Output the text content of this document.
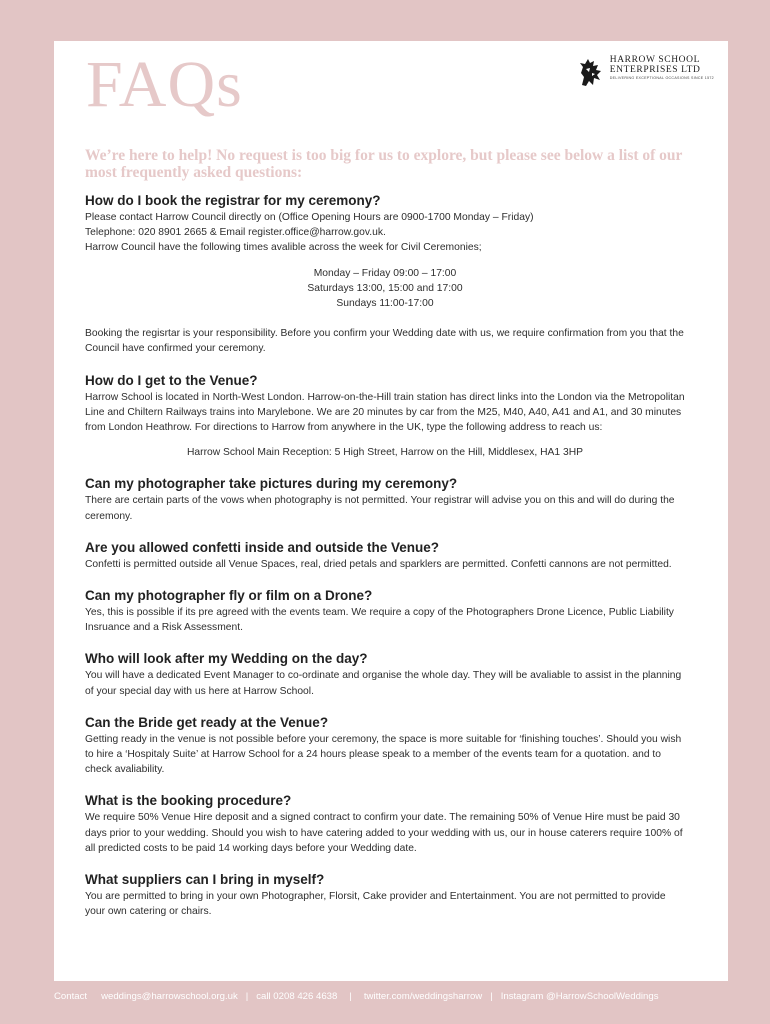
FAQs	HARROW SCHOOL
ENTERPRISES LTD
DELIVERING EXCEPTIONAL OCCASIONS SINCE 1572
We’re here to help! No request is too big for us to explore, but please see below a list of our most frequently asked questions:
How do I book the registrar for my ceremony?
Please contact Harrow Council directly on (Office Opening Hours are 0900-1700 Monday – Friday)
Telephone: 020 8901 2665 & Email register.office@harrow.gov.uk.
Harrow Council have the following times avalible across the week for Civil Ceremonies;
Monday – Friday 09:00 – 17:00
Saturdays 13:00, 15:00 and 17:00
Sundays 11:00-17:00
Booking the regisrtar is your responsibility. Before you confirm your Wedding date with us, we require confirmation from you that the Council have confirmed your ceremony.
How do I get to the Venue?
Harrow School is located in North-West London. Harrow-on-the-Hill train station has direct links into the London via the Metropolitan Line and Chiltern Railways trains into Marylebone. We are 20 minutes by car from the M25, M40, A40, A41 and A1, and 30 minutes from London Heathrow. For directions to Harrow from anywhere in the UK, type the following address to reach us:
Harrow School Main Reception: 5 High Street, Harrow on the Hill, Middlesex, HA1 3HP
Can my photographer take pictures during my ceremony?
There are certain parts of the vows when photography is not permitted. Your registrar will advise you on this and will do during the ceremony.
Are you allowed confetti inside and outside the Venue?
Confetti is permitted outside all Venue Spaces, real, dried petals and sparklers are permitted. Confetti cannons are not permitted.
Can my photographer fly or film on a Drone?
Yes, this is possible if its pre agreed with the events team. We require a copy of the Photographers Drone Licence, Public Liability Insruance and a Risk Assessment.
Who will look after my Wedding on the day?
You will have a dedicated Event Manager to co-ordinate and organise the whole day. They will be avaliable to assist in the planning of your special day with us here at Harrow School.
Can the Bride get ready at the Venue?
Getting ready in the venue is not possible before your ceremony, the space is more suitable for ‘finishing touches’. Should you wish to hire a ‘Hospitaly Suite’ at Harrow School for a 24 hours please speak to a member of the events team for a quotation. and to check avaliability.
What is the booking procedure?
We require 50% Venue Hire deposit and a signed contract to confirm your date. The remaining 50% of Venue Hire must be paid 30 days prior to your wedding. Should you wish to have catering added to your wedding with us, our in house caterers require 100% of all predicted costs to be paid 14 working days before your Wedding date.
What suppliers can I bring in myself?
You are permitted to bring in your own Photographer, Florsit, Cake provider and Entertainment. You are not permitted to provide your own catering or chairs.
Contact weddings@harrowschool.org.uk | call 0208 426 4638	|	twitter.com/weddingsharrow | Instagram @HarrowSchoolWeddings
